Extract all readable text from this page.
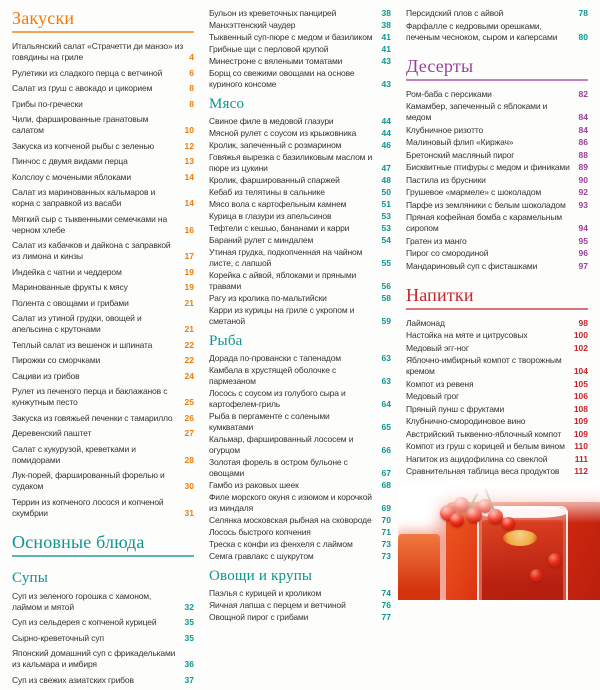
Закуски
Итальянский салат «Страчетти ди манзо» из говядины на гриле	4
Рулетики из сладкого перца с ветчиной	6
Салат из груш с авокадо и цикорием	8
Грибы по-гречески	8
Чили, фаршированные гранатовым салатом	10
Закуска из копченой рыбы с зеленью	12
Пинчос с двумя видами перца	13
Колслоу с мочеными яблоками	14
Салат из маринованных кальмаров и корна с заправкой из васаби	14
Мягкий сыр с тыквенными семечками на черном хлебе	16
Салат из кабачков и дайкона с заправкой из лимона и кинзы	17
Индейка с чатни и чеддером	19
Маринованные фрукты к мясу	19
Полента с овощами и грибами	21
Салат из утиной грудки, овощей и апельсина с крутонами	21
Теплый салат из вешенок и шпината	22
Пирожки со сморчками	22
Сациви из грибов	24
Рулет из печеного перца и баклажанов с кунжутным песто	25
Закуска из говяжьей печенки с тамарилло	26
Деревенский паштет	27
Салат с кукурузой, креветками и помидорами	28
Лук-порей, фаршированный форелью и судаком	30
Террин из копченого лосося и копченой скумбрии	31
Основные блюда
Супы
Суп из зеленого горошка с хамоном, лаймом и мятой	32
Суп из сельдерея с копченой курицей	35
Сырно-креветочный суп	35
Японский домашний суп с фрикадельками из кальмара и имбиря	36
Суп из свежих азиатских грибов	37
Бульон из креветочных панцирей	38
Манхэттенский чаудер	38
Тыквенный суп-пюре с медом и базиликом	41
Грибные щи с перловой крупой	41
Минестроне с вялеными томатами	43
Борщ со свежими овощами на основе куриного консоме	43
Мясо
Свиное филе в медовой глазури	44
Мясной рулет с соусом из крыжовника	44
Кролик, запеченный с розмарином	46
Говяжья вырезка с базиликовым маслом и пюре из цукини	47
Кролик, фаршированный спаржей	48
Кебаб из телятины в сальнике	50
Мясо вола с картофельным камнем	51
Курица в глазури из апельсинов	53
Тефтели с кешью, бананами и карри	53
Бараний рулет с миндалем	54
Утиная грудка, подкопченная на чайном листе, с лапшой	55
Корейка с айвой, яблоками и пряными травами	56
Рагу из кролика по-мальтийски	58
Карри из курицы на гриле с укропом и сметаной	59
Рыба
Дорада по-провански с тапенадом	63
Камбала в хрустящей оболочке с пармезаном	63
Лосось с соусом из голубого сыра и картофелем-гриль	64
Рыба в пергаменте с солеными кумкватами	65
Кальмар, фаршированный лососем и огурцом	66
Золотая форель в остром бульоне с овощами	67
Гамбо из раковых шеек	68
Филе морского окуня с изюмом и корочкой из миндаля	69
Селянка московская рыбная на сковороде	70
Лосось быстрого копчения	71
Треска с конфи из фенхеля с лаймом	73
Семга гравлакс с шукрутом	73
Овощи и крупы
Паэлья с курицей и кроликом	74
Яичная лапша с перцем и ветчиной	76
Овощной пирог с грибами	77
Персидский плов с айвой	78
Фарфалле с кедровыми орешками, печеным чесноком, сыром и каперсами	80
Десерты
Ром-баба с персиками	82
Камамбер, запеченный с яблоками и медом	84
Клубничное ризотто	84
Малиновый флип «Киржач»	86
Бретонский масляный пирог	88
Бисквитные птифуры с медом и финиками	89
Пастила из брусники	90
Грушевое «мармеле» с шоколадом	92
Парфе из земляники с белым шоколадом	93
Пряная кофейная бомба с карамельным сиропом	94
Гратен из манго	95
Пирог со смородиной	96
Мандариновый суп с фисташками	97
Напитки
Лаймонад	98
Настойка на мяте и цитрусовых	100
Медовый эгг-ног	102
Яблочно-имбирный компот с творожным кремом	104
Компот из ревеня	105
Медовый грог	106
Пряный пунш с фруктами	108
Клубнично-смородиновое вино	109
Австрийский тыквенно-яблочный компот	109
Компот из груш с корицей и белым вином	110
Напиток из ацидофилина со свеклой	111
Сравнительная таблица веса продуктов	112
